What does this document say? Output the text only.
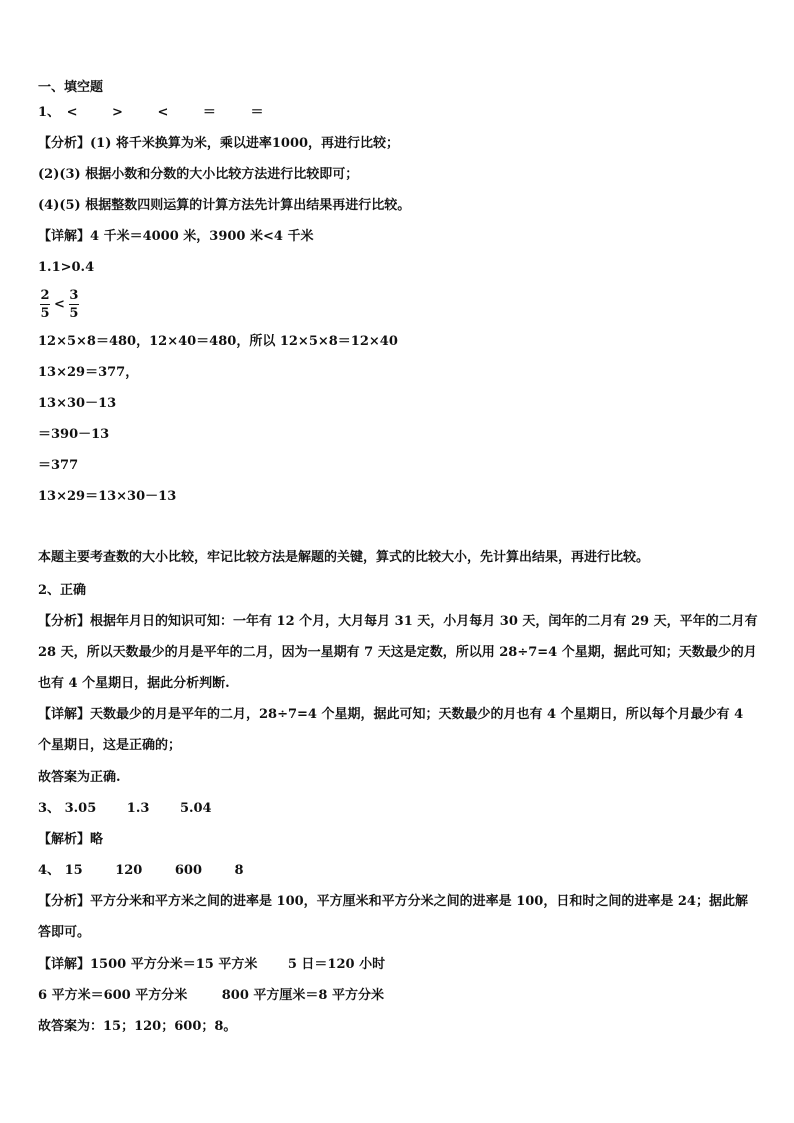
一、填空题
1、 <	>	<	＝	＝
【分析】(1) 将千米换算为米，乘以进率1000，再进行比较；
(2)(3) 根据小数和分数的大小比较方法进行比较即可；
(4)(5) 根据整数四则运算的计算方法先计算出结果再进行比较。
【详解】4 千米＝4000 米，3900 米<4 千米
1.1>0.4
$\frac{2}{5} < \frac{3}{5}$
12×5×8＝480，12×40＝480，所以 12×5×8＝12×40
13×29＝377，
13×30－13
＝390－13
＝377
13×29＝13×30－13
本题主要考查数的大小比较，牢记比较方法是解题的关键，算式的比较大小，先计算出结果，再进行比较。
2、正确
【分析】根据年月日的知识可知：一年有 12 个月，大月每月 31 天，小月每月 30 天，闰年的二月有 29 天，平年的二月有 28 天，所以天数最少的月是平年的二月，因为一星期有 7 天这是定数，所以用 28÷7=4 个星期，据此可知；天数最少的月也有 4 个星期日，据此分析判断.
【详解】天数最少的月是平年的二月，28÷7=4 个星期，据此可知；天数最少的月也有 4 个星期日，所以每个月最少有 4 个星期日，这是正确的；
故答案为正确.
3、 3.05 1.3 5.04
【解析】略
4、 15	120	600	8
【分析】平方分米和平方米之间的进率是 100，平方厘米和平方分米之间的进率是 100，日和时之间的进率是 24；据此解答即可。
【详解】1500 平方分米＝15 平方米 5 日＝120 小时
6 平方米＝600 平方分米	800 平方厘米＝8 平方分米
故答案为：15；120；600；8。
